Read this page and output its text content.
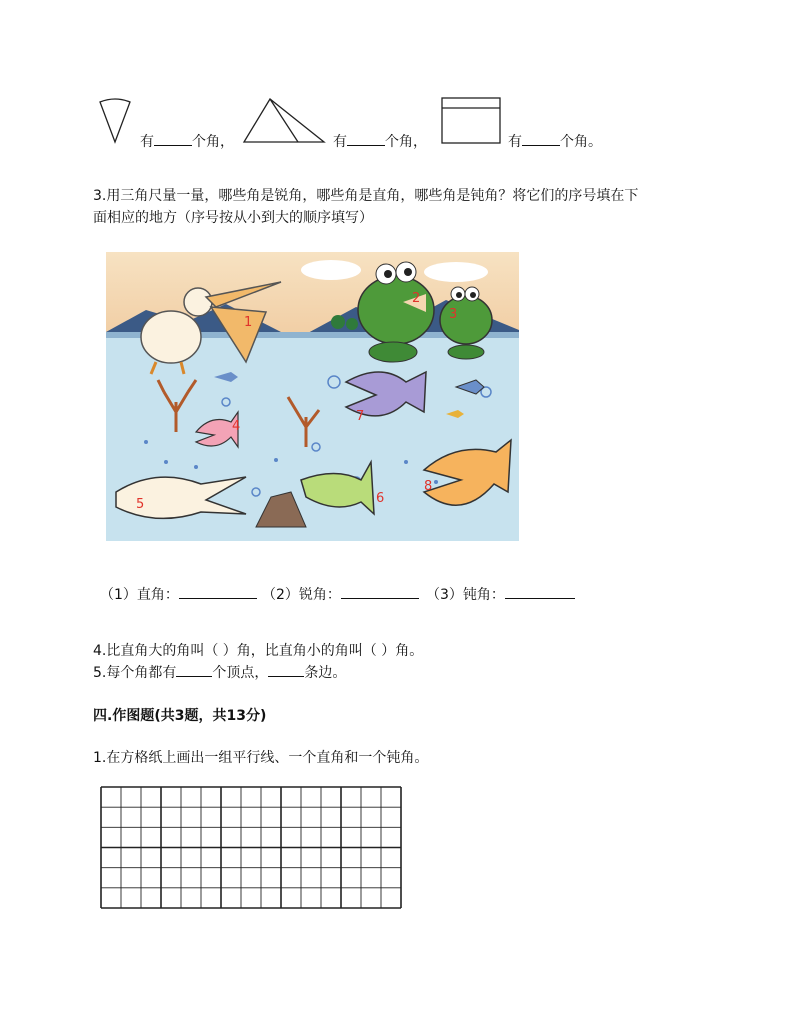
有	个角，	有	个角，	有	个角。
3.用三角尺量一量，哪些角是锐角，哪些角是直角，哪些角是钝角？将它们的序号填在下
面相应的地方（序号按从小到大的顺序填写）
1
2
3
4
5	6
7
8
（1）直角：	（2）锐角：	（3）钝角：
4.比直角大的角叫（ ）角，比直角小的角叫（ ）角。
5.每个角都有	个顶点，	条边。
四.作图题(共3题，共13分)
1.在方格纸上画出一组平行线、一个直角和一个钝角。
